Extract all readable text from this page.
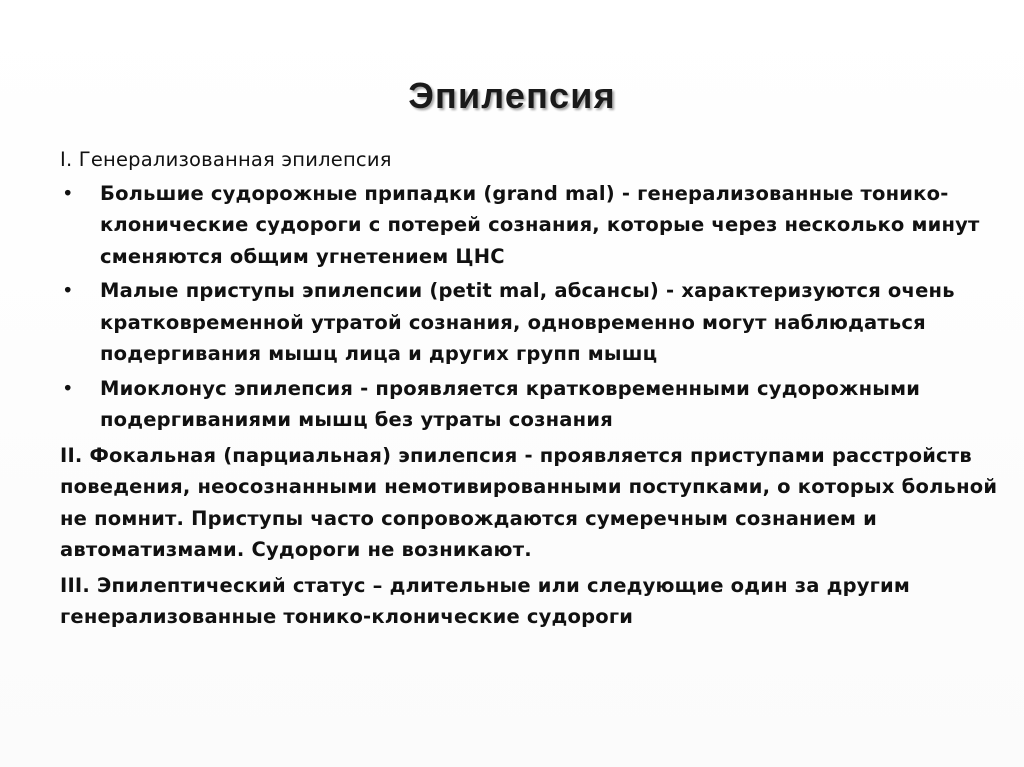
Эпилепсия

I. Генерализованная эпилепсия

• Большие судорожные припадки (grand mal) - генерализованные тонико-клонические судороги с потерей сознания, которые через несколько минут сменяются общим угнетением ЦНС
• Малые приступы эпилепсии (petit mal, абсансы) - характеризуются очень кратковременной утратой сознания, одновременно могут наблюдаться подергивания мышц лица и других групп мышц
• Миоклонус эпилепсия - проявляется кратковременными судорожными подергиваниями мышц без утраты сознания
II. Фокальная (парциальная) эпилепсия - проявляется приступами расстройств поведения, неосознанными немотивированными поступками, о которых больной не помнит. Приступы часто сопровождаются сумеречным сознанием и автоматизмами. Судороги не возникают.
III. Эпилептический статус – длительные или следующие один за другим генерализованные тонико-клонические судороги
